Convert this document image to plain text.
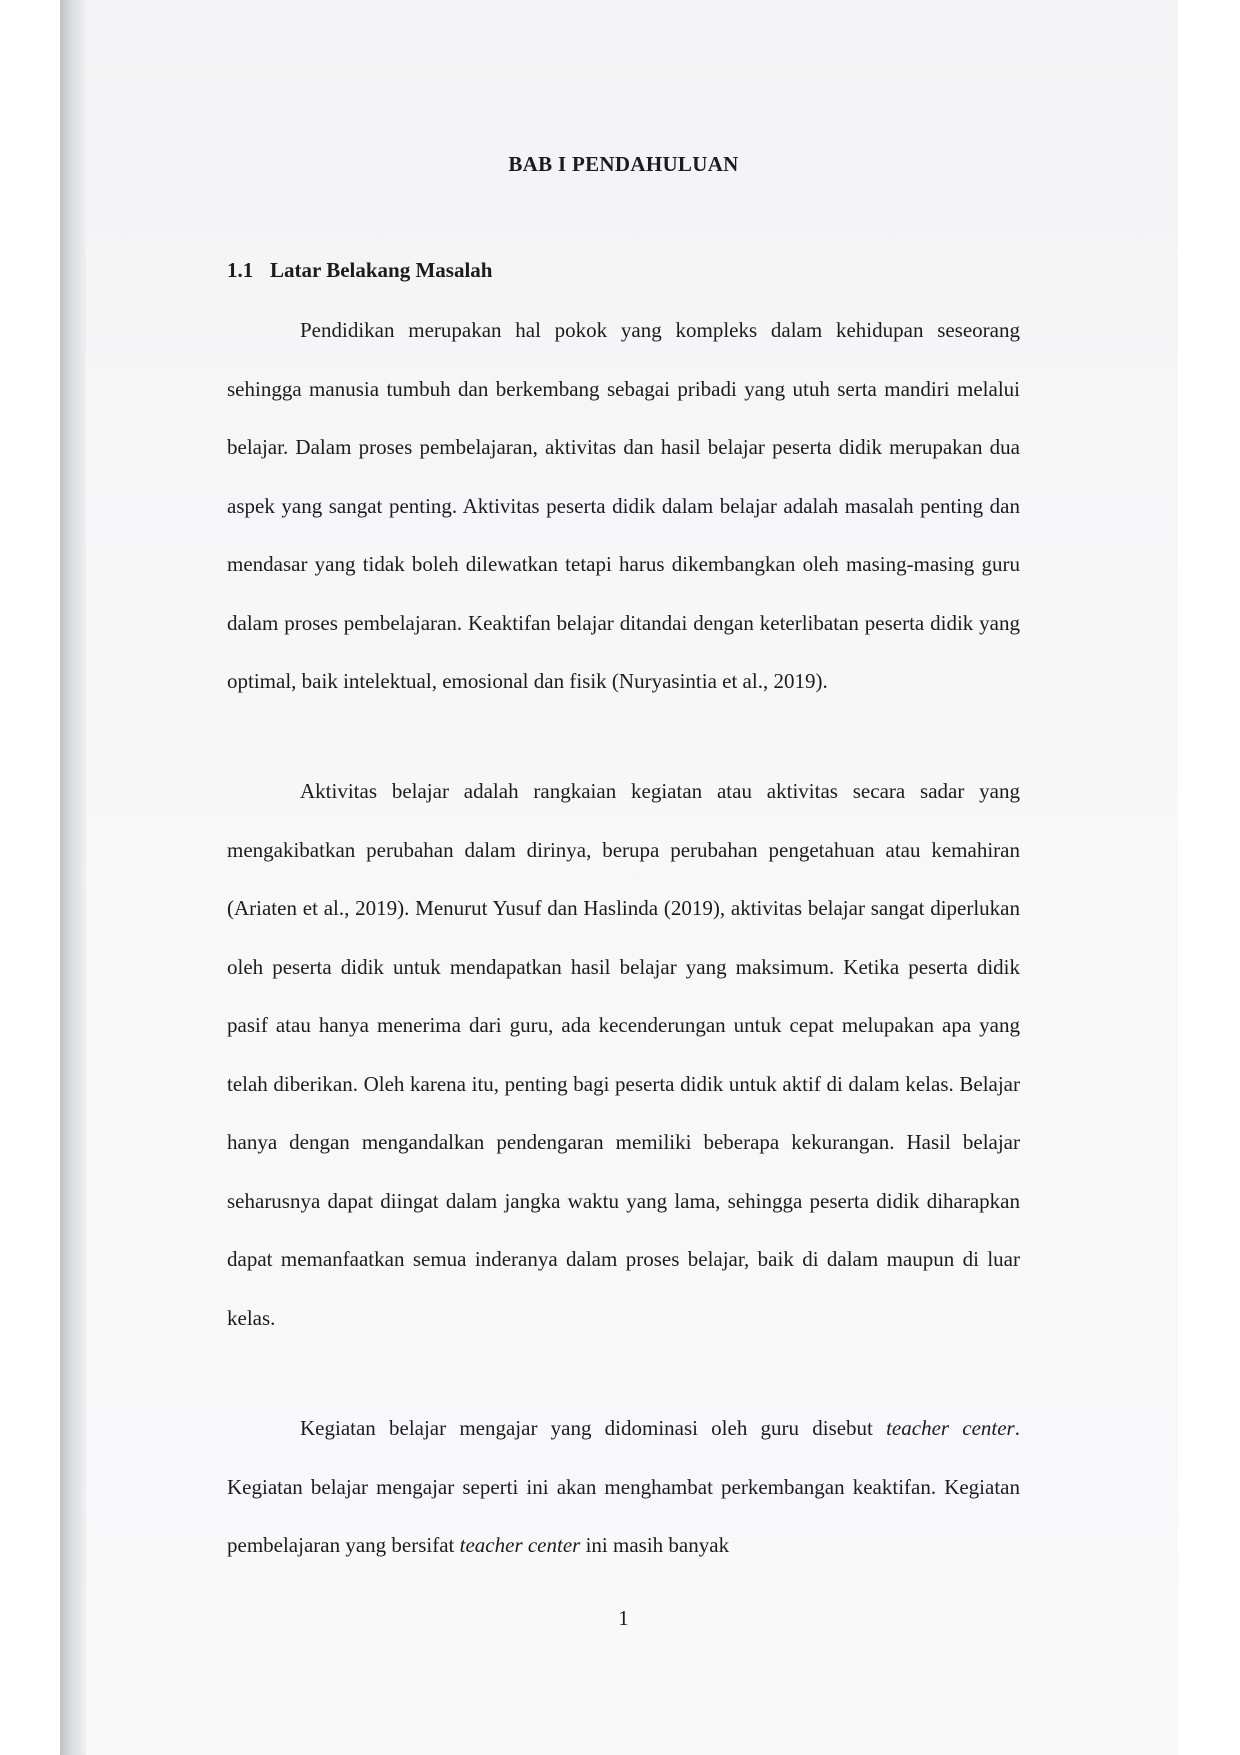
BAB I PENDAHULUAN
1.1 Latar Belakang Masalah

Pendidikan merupakan hal pokok yang kompleks dalam kehidupan seseorang sehingga manusia tumbuh dan berkembang sebagai pribadi yang utuh serta mandiri melalui belajar. Dalam proses pembelajaran, aktivitas dan hasil belajar peserta didik merupakan dua aspek yang sangat penting. Aktivitas peserta didik dalam belajar adalah masalah penting dan mendasar yang tidak boleh dilewatkan tetapi harus dikembangkan oleh masing-masing guru dalam proses pembelajaran. Keaktifan belajar ditandai dengan keterlibatan peserta didik yang optimal, baik intelektual, emosional dan fisik (Nuryasintia et al., 2019).

Aktivitas belajar adalah rangkaian kegiatan atau aktivitas secara sadar yang mengakibatkan perubahan dalam dirinya, berupa perubahan pengetahuan atau kemahiran (Ariaten et al., 2019). Menurut Yusuf dan Haslinda (2019), aktivitas belajar sangat diperlukan oleh peserta didik untuk mendapatkan hasil belajar yang maksimum. Ketika peserta didik pasif atau hanya menerima dari guru, ada kecenderungan untuk cepat melupakan apa yang telah diberikan. Oleh karena itu, penting bagi peserta didik untuk aktif di dalam kelas. Belajar hanya dengan mengandalkan pendengaran memiliki beberapa kekurangan. Hasil belajar seharusnya dapat diingat dalam jangka waktu yang lama, sehingga peserta didik diharapkan dapat memanfaatkan semua inderanya dalam proses belajar, baik di dalam maupun di luar kelas.

Kegiatan belajar mengajar yang didominasi oleh guru disebut teacher center. Kegiatan belajar mengajar seperti ini akan menghambat perkembangan keaktifan. Kegiatan pembelajaran yang bersifat teacher center ini masih banyak

1
